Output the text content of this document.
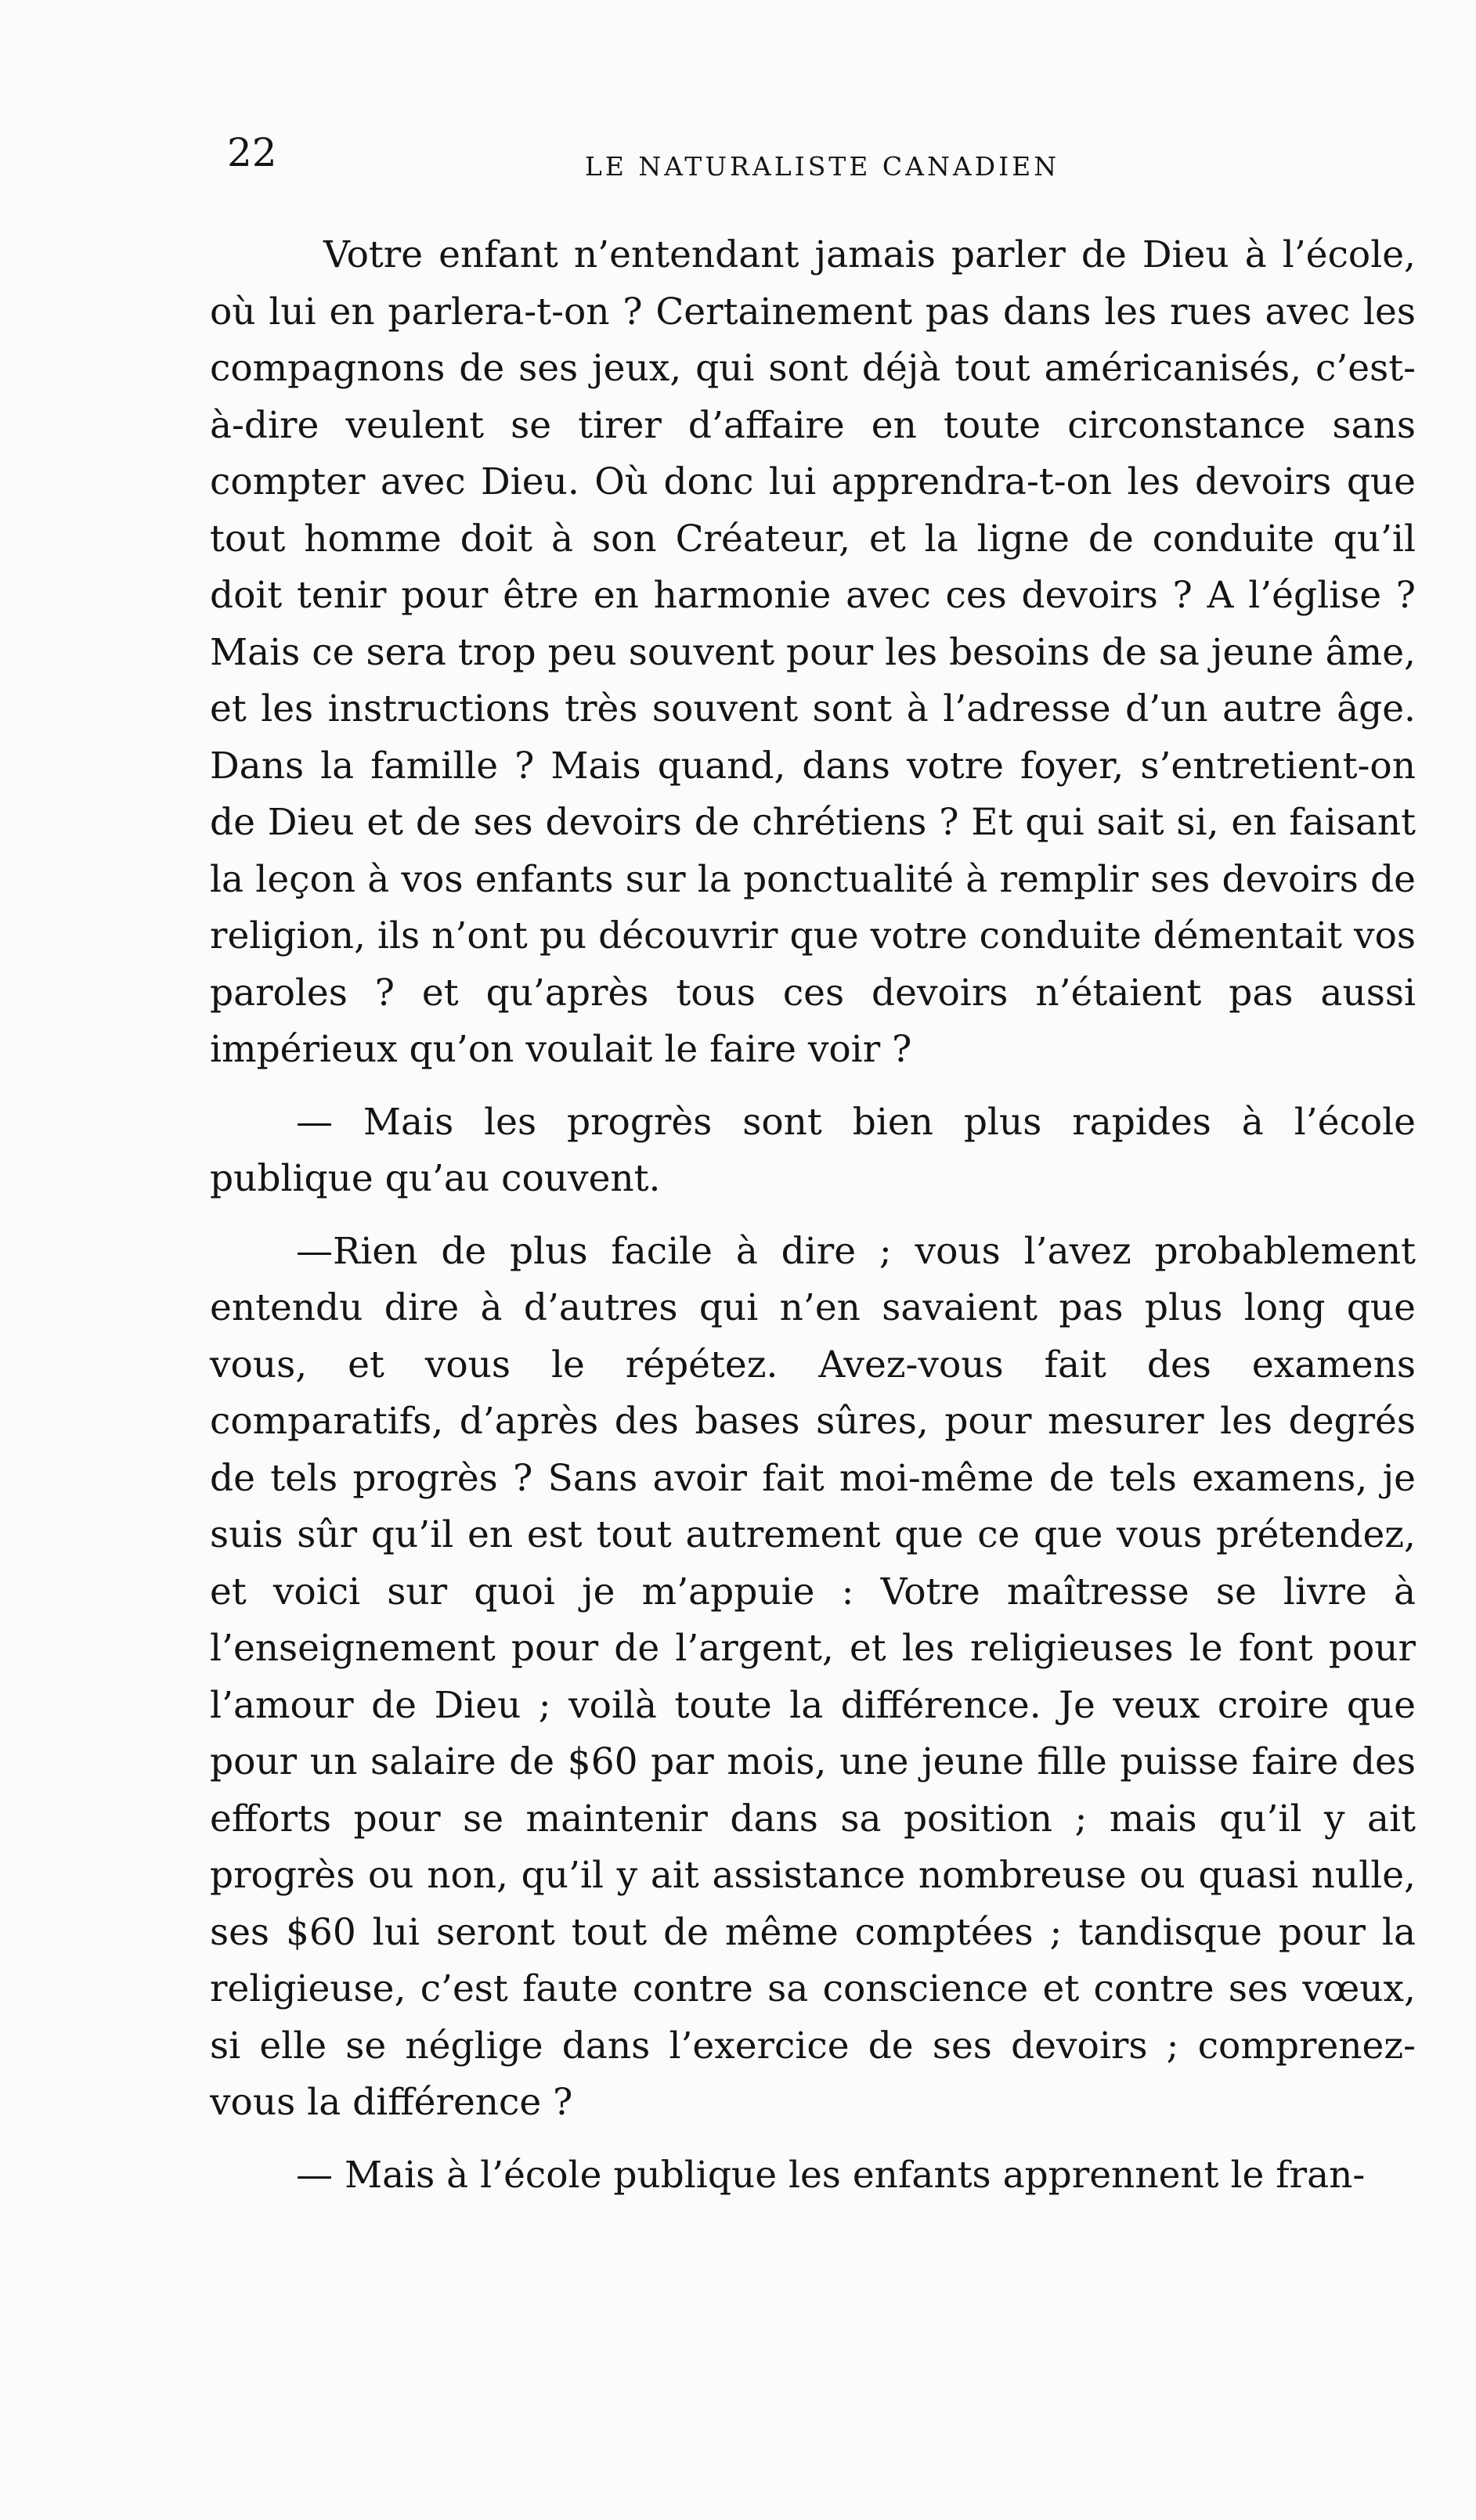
22	LE NATURALISTE CANADIEN

Votre enfant n’entendant jamais parler de Dieu à l’école, où lui en parlera-t-on ? Certainement pas dans les rues avec les compagnons de ses jeux, qui sont déjà tout américanisés, c’est-à-dire veulent se tirer d’affaire en toute circonstance sans compter avec Dieu. Où donc lui apprendra-t-on les devoirs que tout homme doit à son Créateur, et la ligne de conduite qu’il doit tenir pour être en harmonie avec ces devoirs ? A l’église ? Mais ce sera trop peu souvent pour les besoins de sa jeune âme, et les instructions très souvent sont à l’adresse d’un autre âge. Dans la famille ? Mais quand, dans votre foyer, s’entretient-on de Dieu et de ses devoirs de chrétiens ? Et qui sait si, en faisant la leçon à vos enfants sur la ponctualité à remplir ses devoirs de religion, ils n’ont pu découvrir que votre conduite démentait vos paroles ? et qu’après tous ces devoirs n’étaient pas aussi impérieux qu’on voulait le faire voir ?

— Mais les progrès sont bien plus rapides à l’école publique qu’au couvent.

—Rien de plus facile à dire ; vous l’avez probablement entendu dire à d’autres qui n’en savaient pas plus long que vous, et vous le répétez. Avez-vous fait des examens comparatifs, d’après des bases sûres, pour mesurer les degrés de tels progrès ? Sans avoir fait moi-même de tels examens, je suis sûr qu’il en est tout autrement que ce que vous prétendez, et voici sur quoi je m’appuie : Votre maîtresse se livre à l’enseignement pour de l’argent, et les religieuses le font pour l’amour de Dieu ; voilà toute la différence. Je veux croire que pour un salaire de $60 par mois, une jeune fille puisse faire des efforts pour se maintenir dans sa position ; mais qu’il y ait progrès ou non, qu’il y ait assistance nombreuse ou quasi nulle, ses $60 lui seront tout de même comptées ; tandisque pour la religieuse, c’est faute contre sa conscience et contre ses vœux, si elle se néglige dans l’exercice de ses devoirs ; comprenez-vous la différence ?

— Mais à l’école publique les enfants apprennent le fran-
